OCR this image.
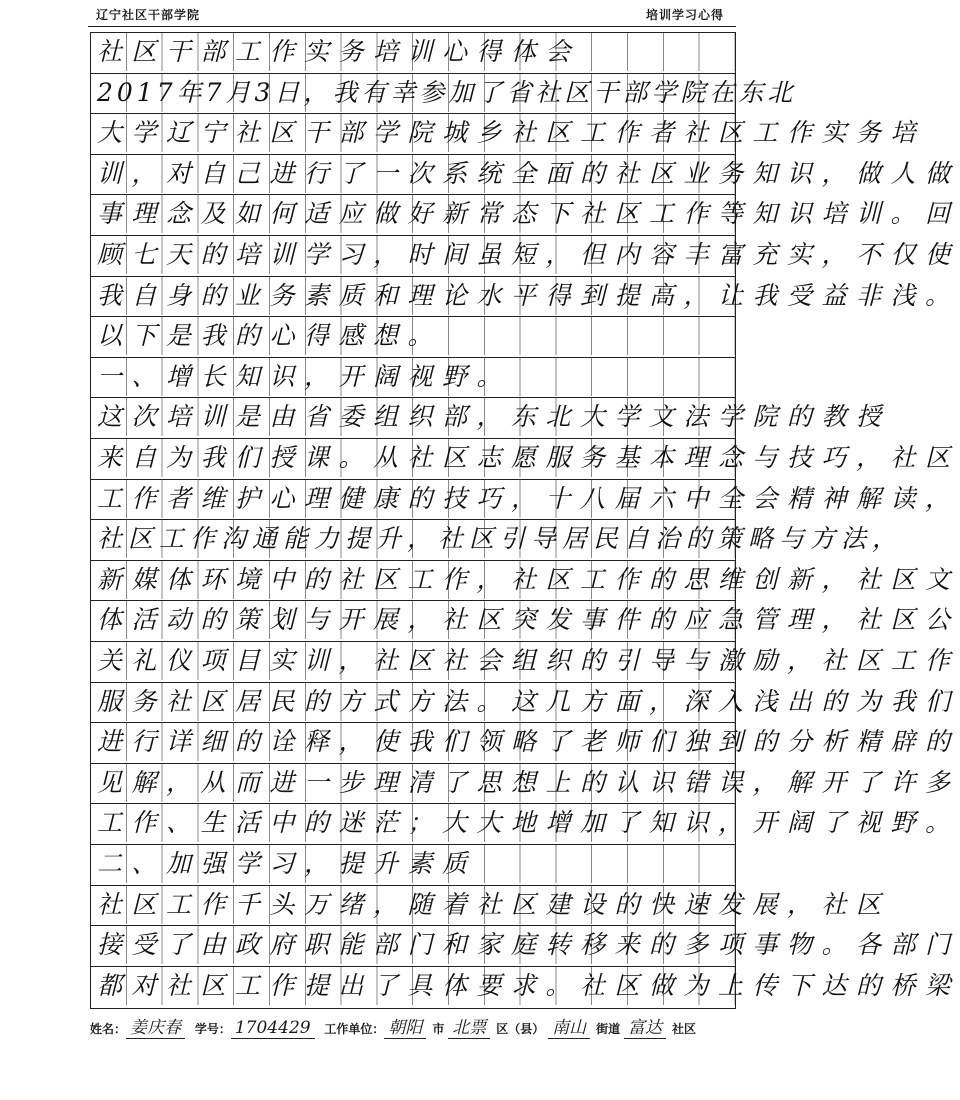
辽宁社区干部学院	培训学习心得
社区干部工作实务培训心得体会
2017年7月3日，我有幸参加了省社区干部学院在东北
大学辽宁社区干部学院城乡社区工作者社区工作实务培
训，对自己进行了一次系统全面的社区业务知识，做人做
事理念及如何适应做好新常态下社区工作等知识培训。回
顾七天的培训学习，时间虽短，但内容丰富充实，不仅使
我自身的业务素质和理论水平得到提高，让我受益非浅。
以下是我的心得感想。
一、增长知识，开阔视野。
这次培训是由省委组织部，东北大学文法学院的教授
来自为我们授课。从社区志愿服务基本理念与技巧，社区
工作者维护心理健康的技巧，十八届六中全会精神解读，
社区工作沟通能力提升，社区引导居民自治的策略与方法，
新媒体环境中的社区工作，社区工作的思维创新，社区文
体活动的策划与开展，社区突发事件的应急管理，社区公
关礼仪项目实训，社区社会组织的引导与激励，社区工作
服务社区居民的方式方法。这几方面，深入浅出的为我们
进行详细的诠释，使我们领略了老师们独到的分析精辟的
见解，从而进一步理清了思想上的认识错误，解开了许多
工作、生活中的迷茫；大大地增加了知识，开阔了视野。
二、加强学习，提升素质
社区工作千头万绪，随着社区建设的快速发展，社区
接受了由政府职能部门和家庭转移来的多项事物。各部门
都对社区工作提出了具体要求。社区做为上传下达的桥梁
姓名： 姜庆春 学号： 1704429 工作单位： 朝阳 市 北票 区（县） 南山 街道 富达 社区
